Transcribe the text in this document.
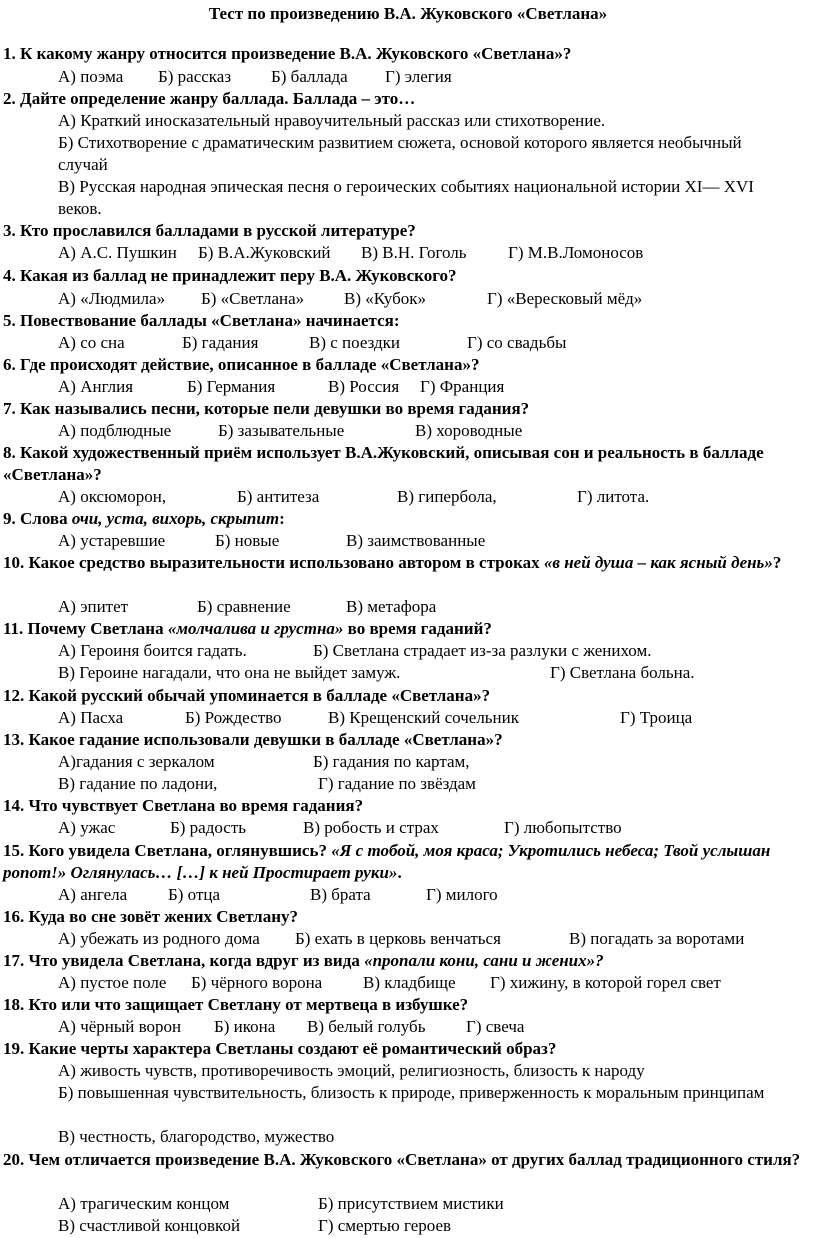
Тест по произведению В.А. Жуковского «Светлана»
1. К какому жанру относится произведение В.А. Жуковского «Светлана»?
А) поэма Б) рассказ Б) баллада Г) элегия
2. Дайте определение жанру баллада. Баллада – это…
А) Краткий иносказательный нравоучительный рассказ или стихотворение.
Б) Стихотворение с драматическим развитием сюжета, основой которого является необычный случай
В) Русская народная эпическая песня о героических событиях национальной истории XI— XVI веков.
3. Кто прославился балладами в русской литературе?
А) А.С. Пушкин Б) В.А.Жуковский В) В.Н. Гоголь Г) М.В.Ломоносов
4. Какая из баллад не принадлежит перу В.А. Жуковского?
А) «Людмила» Б) «Светлана» В) «Кубок»	Г) «Вересковый мёд»
5. Повествование баллады «Светлана» начинается:
А) со сна	Б) гадания	В) с поездки	Г) со свадьбы
6. Где происходят действие, описанное в балладе «Светлана»?
А) Англия	Б) Германия	В) Россия Г) Франция
7. Как назывались песни, которые пели девушки во время гадания?
А) подблюдные	Б) зазывательные	В) хороводные
8. Какой художественный приём использует В.А.Жуковский, описывая сон и реальность в балладе «Светлана»?
А) оксюморон,	Б) антитеза	В) гипербола,	Г) литота.
9. Слова очи, уста, вихорь, скрыпит:
А) устаревшие	Б) новые	В) заимствованные
10. Какое средство выразительности использовано автором в строках «в ней душа – как ясный день»?
А) эпитет	Б) сравнение	В) метафора
11. Почему Светлана «молчалива и грустна» во время гаданий?
А) Героиня боится гадать.	Б) Светлана страдает из-за разлуки с женихом.
В) Героине нагадали, что она не выйдет замуж.	Г) Светлана больна.
12. Какой русский обычай упоминается в балладе «Светлана»?
А) Пасха	Б) Рождество	В) Крещенский сочельник	Г) Троица
13. Какое гадание использовали девушки в балладе «Светлана»?
А)гадания с зеркалом	Б) гадания по картам,
В) гадание по ладони,	Г) гадание по звёздам
14. Что чувствует Светлана во время гадания?
А) ужас	Б) радость	В) робость и страх	Г) любопытство
15. Кого увидела Светлана, оглянувшись? «Я с тобой, моя краса; Укротились небеса; Твой услышан ропот!» Оглянулась… […] к ней Простирает руки».
А) ангела Б) отца	В) брата	Г) милого
16. Куда во сне зовёт жених Светлану?
А) убежать из родного дома Б) ехать в церковь венчаться	В) погадать за воротами
17. Что увидела Светлана, когда вдруг из вида «пропали кони, сани и жених»?
А) пустое поле Б) чёрного ворона В) кладбище Г) хижину, в которой горел свет
18. Кто или что защищает Светлану от мертвеца в избушке?
А) чёрный ворон Б) икона В) белый голубь Г) свеча
19. Какие черты характера Светланы создают её романтический образ?
А) живость чувств, противоречивость эмоций, религиозность, близость к народу
Б) повышенная чувствительность, близость к природе, приверженность к моральным принципам
В) честность, благородство, мужество
20. Чем отличается произведение В.А. Жуковского «Светлана» от других баллад традиционного стиля?
А) трагическим концом	Б) присутствием мистики
В) счастливой концовкой	Г) смертью героев
